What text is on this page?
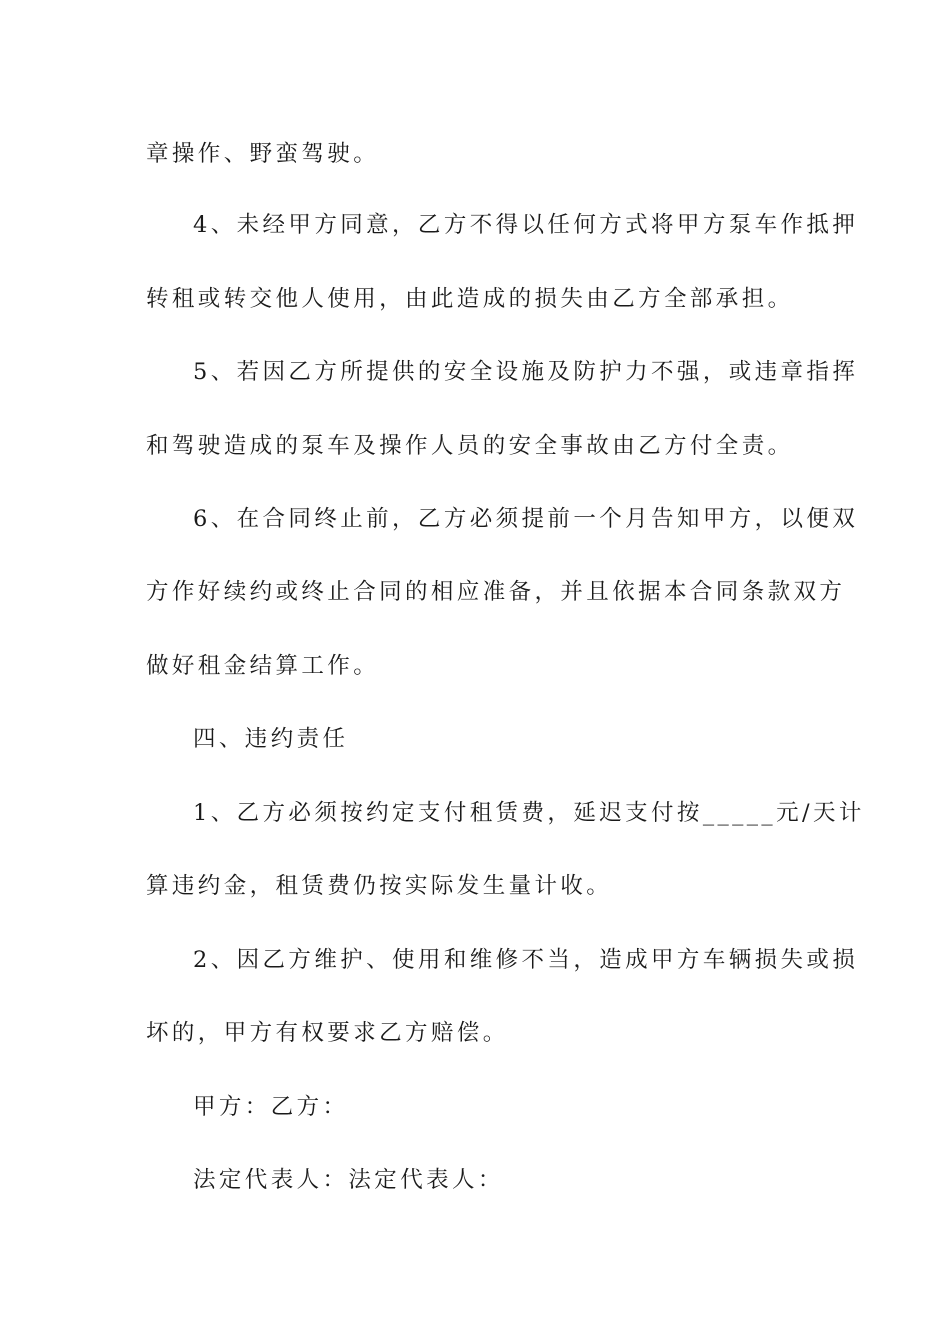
章操作、野蛮驾驶。
4、未经甲方同意，乙方不得以任何方式将甲方泵车作抵押
转租或转交他人使用，由此造成的损失由乙方全部承担。
5、若因乙方所提供的安全设施及防护力不强，或违章指挥
和驾驶造成的泵车及操作人员的安全事故由乙方付全责。
6、在合同终止前，乙方必须提前一个月告知甲方，以便双
方作好续约或终止合同的相应准备，并且依据本合同条款双方
做好租金结算工作。
四、违约责任
1、乙方必须按约定支付租赁费，延迟支付按_____元/天计
算违约金，租赁费仍按实际发生量计收。
2、因乙方维护、使用和维修不当，造成甲方车辆损失或损
坏的，甲方有权要求乙方赔偿。
甲方：乙方：
法定代表人：法定代表人：
